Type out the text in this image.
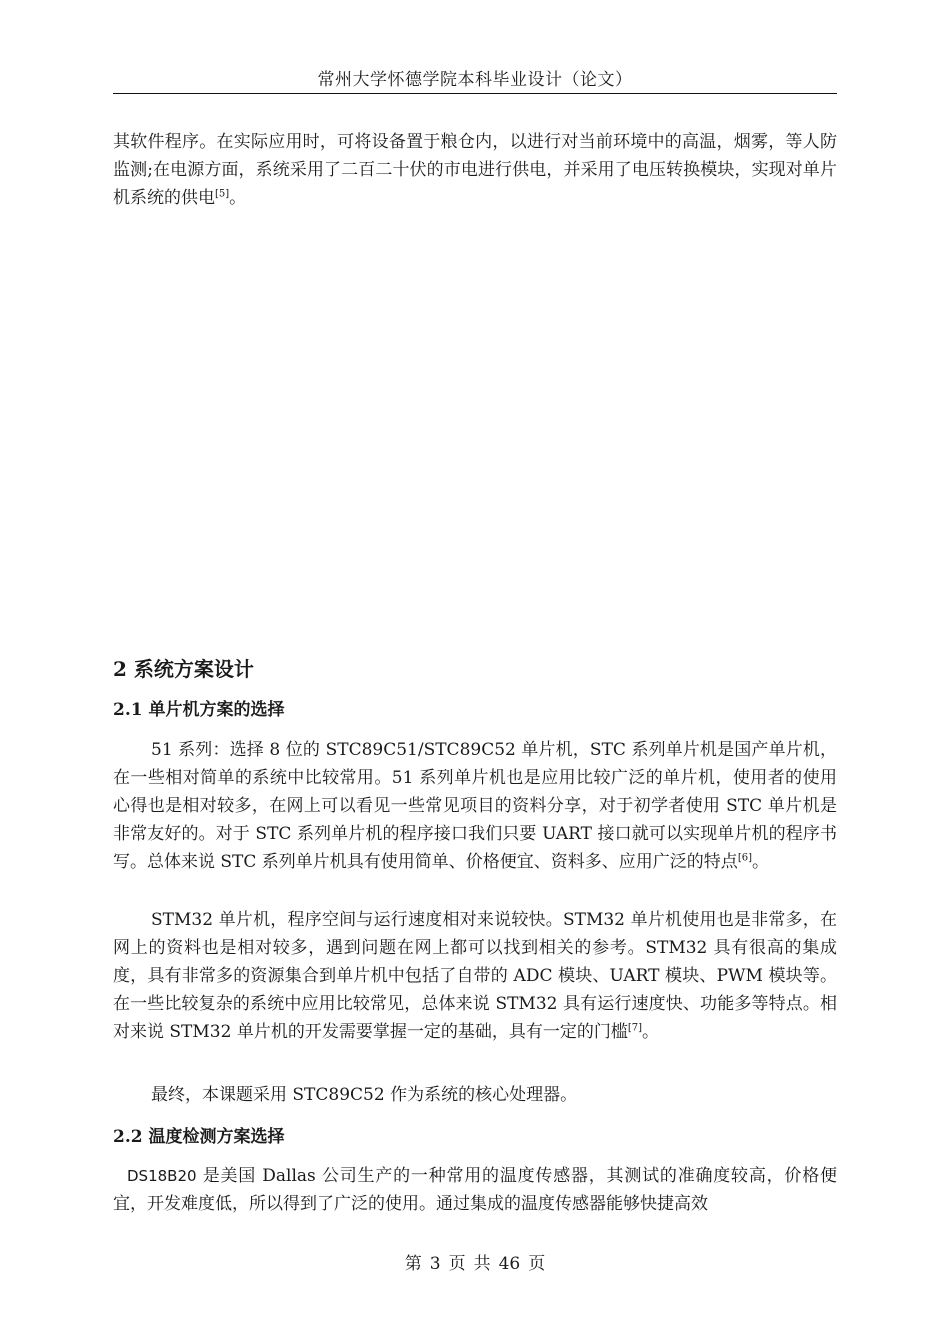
常州大学怀德学院本科毕业设计（论文）

其软件程序。在实际应用时，可将设备置于粮仓内，以进行对当前环境中的高温，烟雾，等人防监测;在电源方面，系统采用了二百二十伏的市电进行供电，并采用了电压转换模块，实现对单片机系统的供电[5]。

2 系统方案设计
2.1 单片机方案的选择

51 系列：选择 8 位的 STC89C51/STC89C52 单片机，STC 系列单片机是国产单片机，在一些相对简单的系统中比较常用。51 系列单片机也是应用比较广泛的单片机，使用者的使用心得也是相对较多，在网上可以看见一些常见项目的资料分享，对于初学者使用 STC 单片机是非常友好的。对于 STC 系列单片机的程序接口我们只要 UART 接口就可以实现单片机的程序书写。总体来说 STC 系列单片机具有使用简单、价格便宜、资料多、应用广泛的特点[6]。

STM32 单片机，程序空间与运行速度相对来说较快。STM32 单片机使用也是非常多，在网上的资料也是相对较多，遇到问题在网上都可以找到相关的参考。STM32 具有很高的集成度，具有非常多的资源集合到单片机中包括了自带的 ADC 模块、UART 模块、PWM 模块等。在一些比较复杂的系统中应用比较常见，总体来说 STM32 具有运行速度快、功能多等特点。相对来说 STM32 单片机的开发需要掌握一定的基础，具有一定的门槛[7]。

最终，本课题采用 STC89C52 作为系统的核心处理器。

2.2 温度检测方案选择

DS18B20 是美国 Dallas 公司生产的一种常用的温度传感器，其测试的准确度较高，价格便宜，开发难度低，所以得到了广泛的使用。通过集成的温度传感器能够快捷高效

第 3 页 共 46 页
